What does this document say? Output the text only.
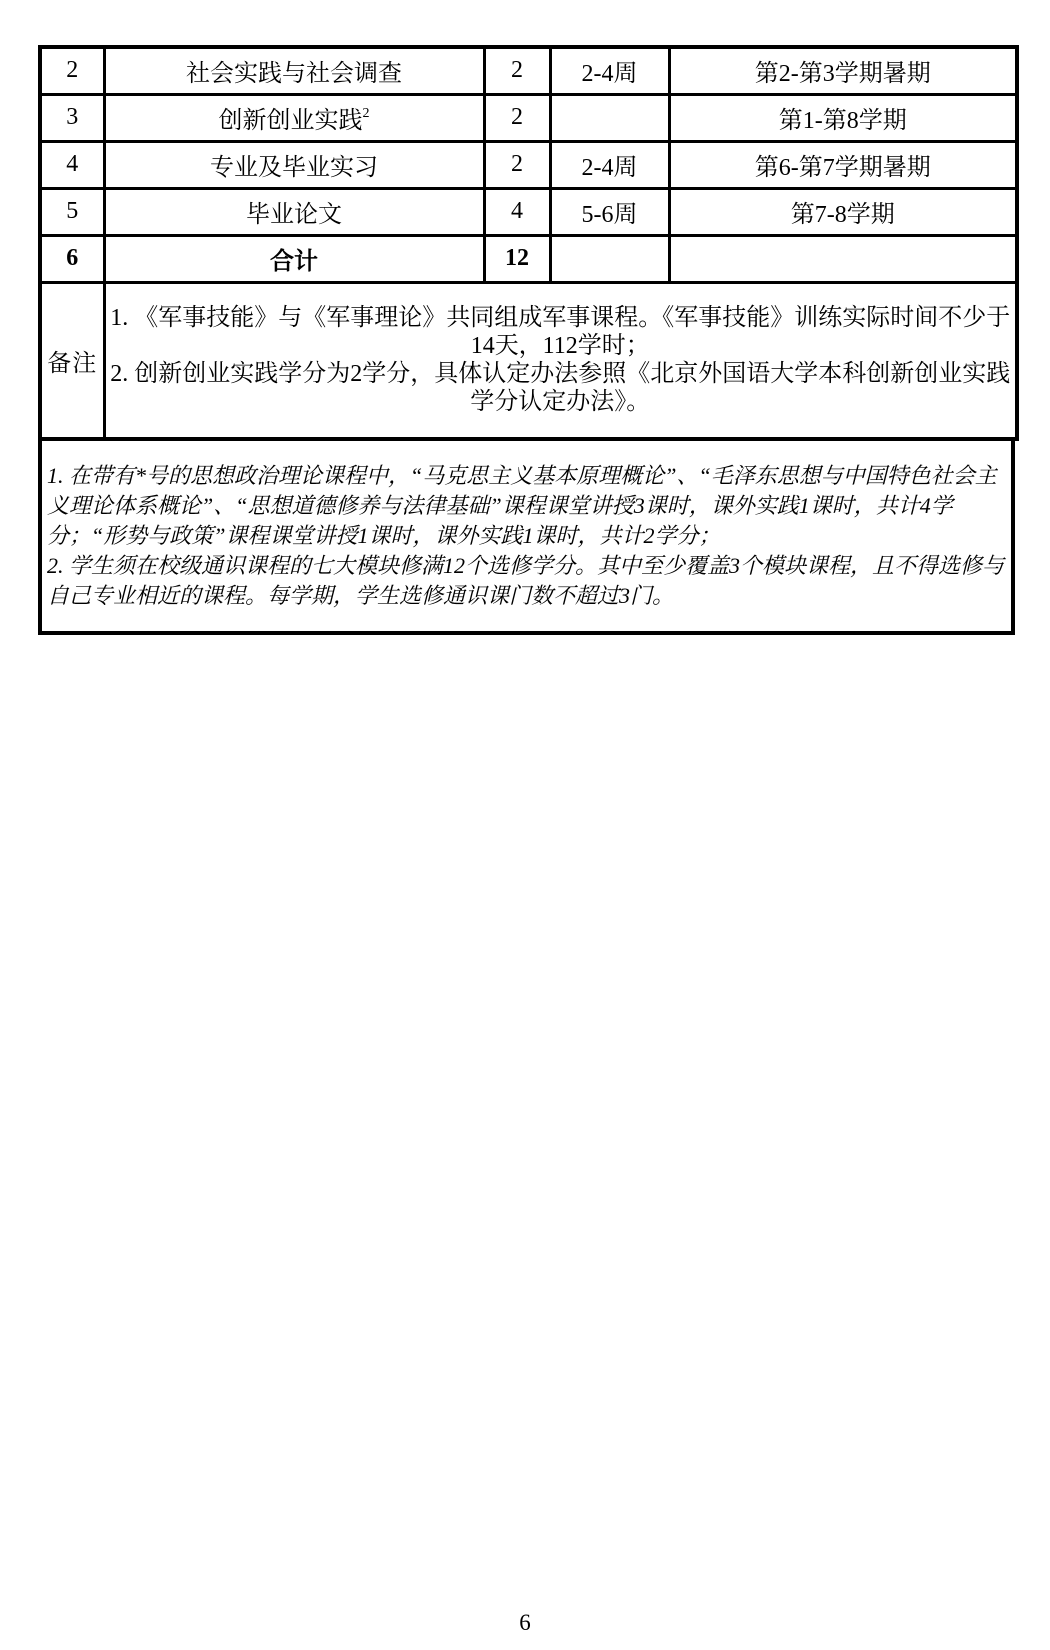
2	社会实践与社会调查	2	2-4周	第2-第3学期暑期
3	创新创业实践$^2$	2		第1-第8学期
4	专业及毕业实习	2	2-4周	第6-第7学期暑期
5	毕业论文	4	5-6周	第7-8学期
6	合计	12		
备注	1. 《军事技能》与《军事理论》共同组成军事课程。《军事技能》训练实际时间不少于14天，112学时；
2. 创新创业实践学分为2学分，具体认定办法参照《北京外国语大学本科创新创业实践学分认定办法》。			
1. 在带有*号的思想政治理论课程中，“马克思主义基本原理概论”、“毛泽东思想与中国特色社会主义理论体系概论”、“思想道德修养与法律基础”课程课堂讲授3课时，课外实践1课时，共计4学分；“形势与政策”课程课堂讲授1课时，课外实践1课时，共计2学分；
2. 学生须在校级通识课程的七大模块修满12个选修学分。其中至少覆盖3个模块课程，且不得选修与自己专业相近的课程。每学期，学生选修通识课门数不超过3门。
6
